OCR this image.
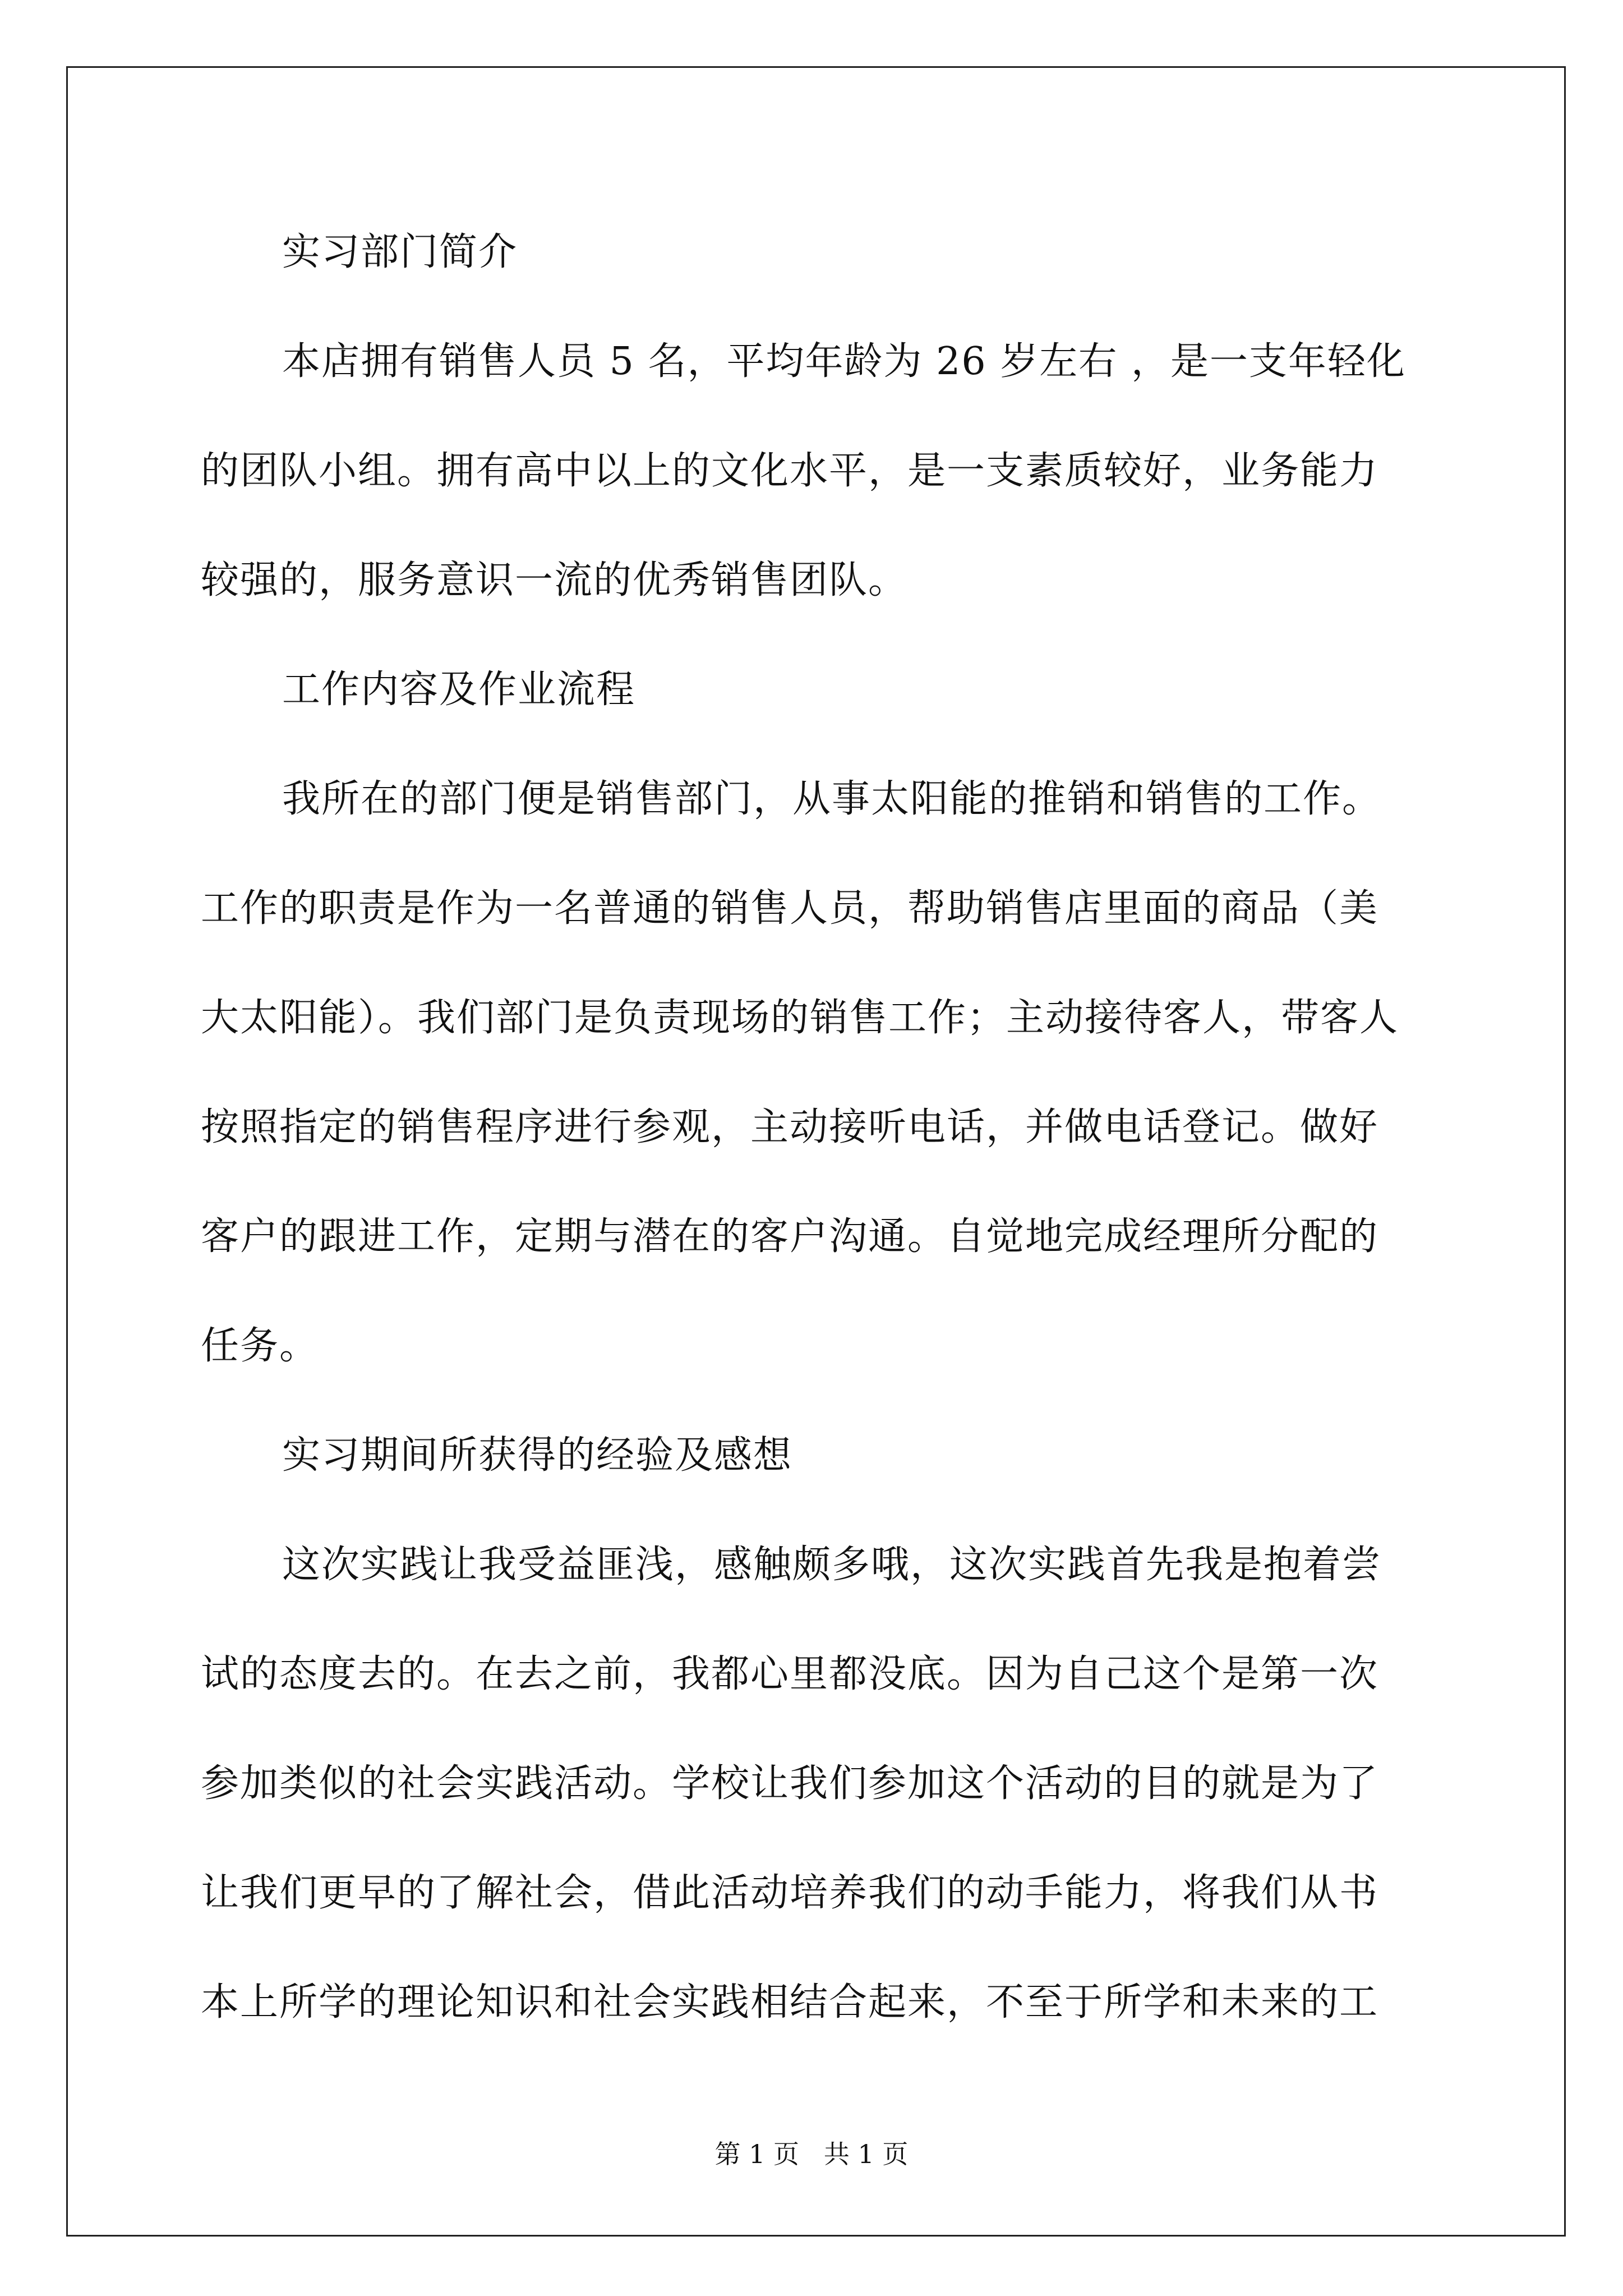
实习部门简介
本店拥有销售人员 5 名，平均年龄为 26 岁左右 ，是一支年轻化
的团队小组。拥有高中以上的文化水平，是一支素质较好，业务能力
较强的，服务意识一流的优秀销售团队。
工作内容及作业流程
我所在的部门便是销售部门，从事太阳能的推销和销售的工作。
工作的职责是作为一名普通的销售人员，帮助销售店里面的商品（美
大太阳能）。我们部门是负责现场的销售工作；主动接待客人，带客人
按照指定的销售程序进行参观，主动接听电话，并做电话登记。做好
客户的跟进工作，定期与潜在的客户沟通。自觉地完成经理所分配的
任务。
实习期间所获得的经验及感想
这次实践让我受益匪浅，感触颇多哦，这次实践首先我是抱着尝
试的态度去的。在去之前，我都心里都没底。因为自己这个是第一次
参加类似的社会实践活动。学校让我们参加这个活动的目的就是为了
让我们更早的了解社会，借此活动培养我们的动手能力，将我们从书
本上所学的理论知识和社会实践相结合起来，不至于所学和未来的工
第 1 页   共 1 页
